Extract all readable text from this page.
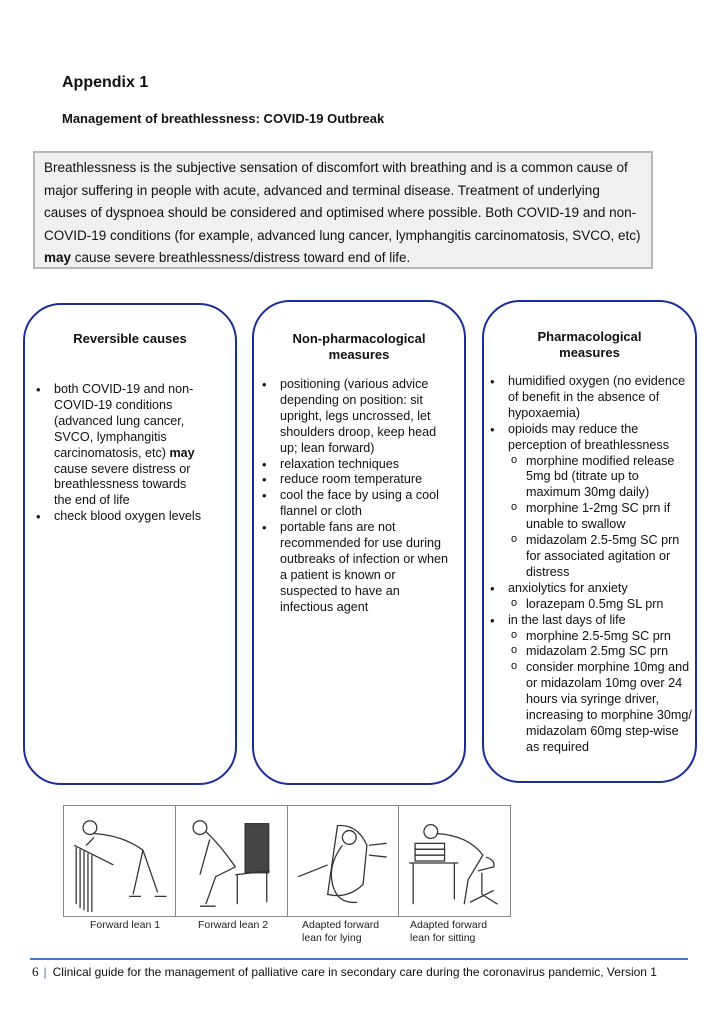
Appendix 1
Management of breathlessness: COVID-19 Outbreak
Breathlessness is the subjective sensation of discomfort with breathing and is a common cause of major suffering in people with acute, advanced and terminal disease. Treatment of underlying causes of dyspnoea should be considered and optimised where possible. Both COVID-19 and non-COVID-19 conditions (for example, advanced lung cancer, lymphangitis carcinomatosis, SVCO, etc) may cause severe breathlessness/distress toward end of life.
Reversible causes
• both COVID-19 and non-COVID-19 conditions (advanced lung cancer, SVCO, lymphangitis carcinomatosis, etc) may cause severe distress or breathlessness towards the end of life
• check blood oxygen levels
Non-pharmacological
measures
• positioning (various advice depending on position: sit upright, legs uncrossed, let shoulders droop, keep head up; lean forward)
• relaxation techniques
• reduce room temperature
• cool the face by using a cool flannel or cloth
• portable fans are not recommended for use during outbreaks of infection or when a patient is known or suspected to have an infectious agent
Pharmacological
measures
• humidified oxygen (no evidence of benefit in the absence of hypoxaemia)
• opioids may reduce the perception of breathlessness
o morphine modified release 5mg bd (titrate up to maximum 30mg daily)
o morphine 1-2mg SC prn if unable to swallow
o midazolam 2.5-5mg SC prn for associated agitation or distress
• anxiolytics for anxiety
o lorazepam 0.5mg SL prn
• in the last days of life
o morphine 2.5-5mg SC prn
o midazolam 2.5mg SC prn
o consider morphine 10mg and or midazolam 10mg over 24 hours via syringe driver, increasing to morphine 30mg/ midazolam 60mg step-wise as required
Forward lean 1	Forward lean 2	Adapted forward
lean for lying
Adapted forward
lean for sitting
6 | Clinical guide for the management of palliative care in secondary care during the coronavirus pandemic, Version 1
